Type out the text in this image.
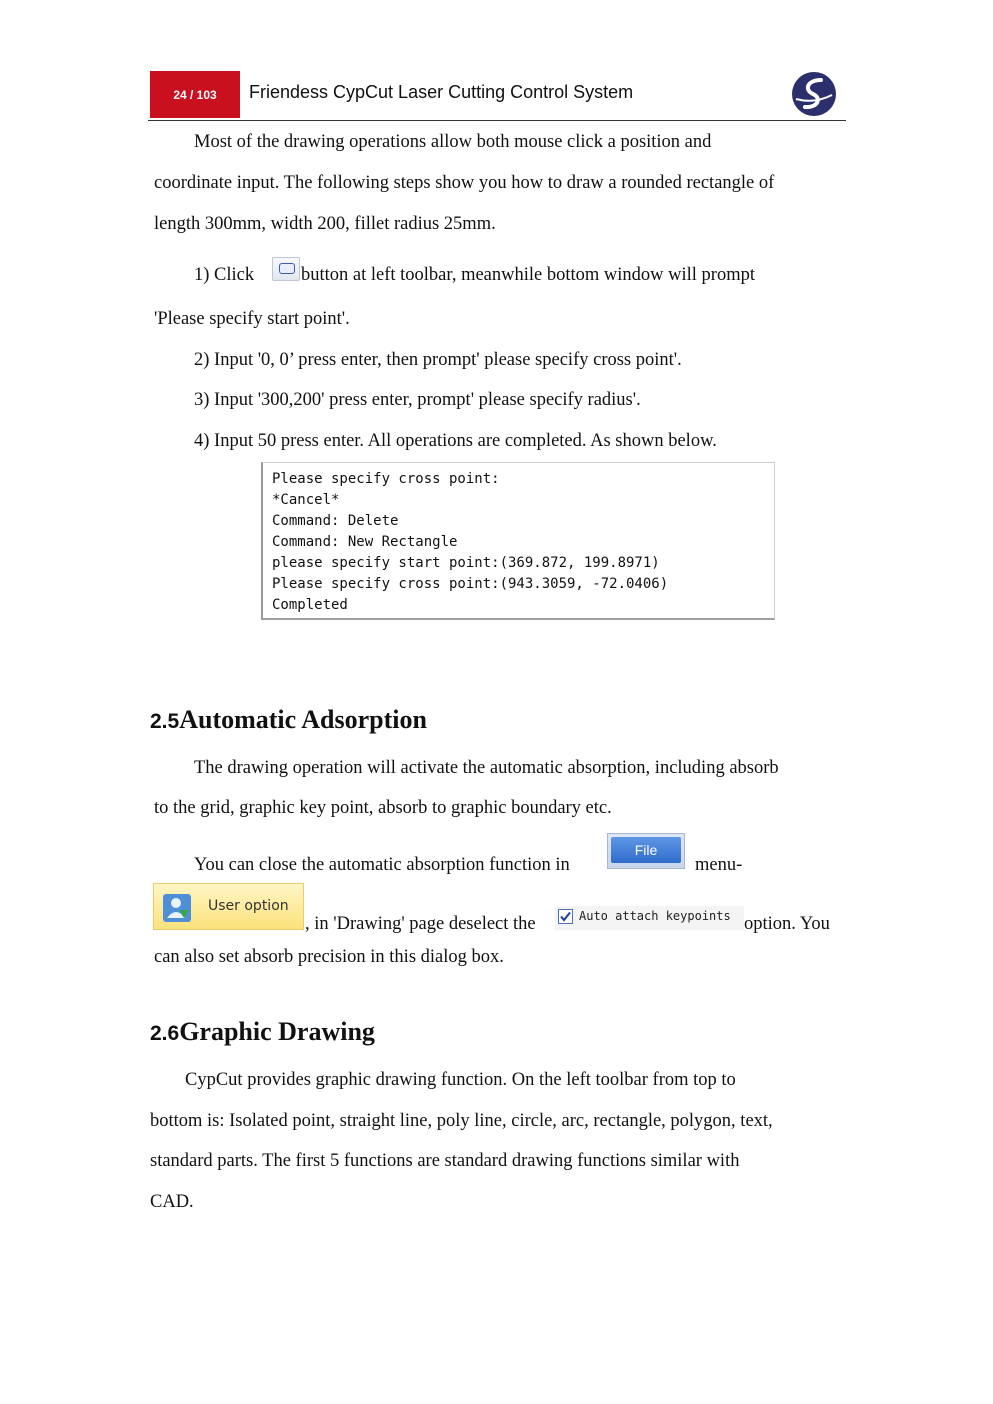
24 / 103	Friendess CypCut Laser Cutting Control System
Most of the drawing operations allow both mouse click a position and
coordinate input. The following steps show you how to draw a rounded rectangle of
length 300mm, width 200, fillet radius 25mm.
1) Click	button at left toolbar, meanwhile bottom window will prompt
'Please specify start point'.
2) Input '0, 0’ press enter, then prompt' please specify cross point'.
3) Input '300,200' press enter, prompt' please specify radius'.
4) Input 50 press enter. All operations are completed. As shown below.
Please specify cross point:
*Cancel*
Command: Delete
Command: New Rectangle
please specify start point:(369.872, 199.8971)
Please specify cross point:(943.3059, -72.0406)
Completed
2.5Automatic Adsorption
The drawing operation will activate the automatic absorption, including absorb
to the grid, graphic key point, absorb to graphic boundary etc.
You can close the automatic absorption function in
File
menu-
User option
, in 'Drawing' page deselect the	Auto attach keypoints option. You
can also set absorb precision in this dialog box.
2.6Graphic Drawing
CypCut provides graphic drawing function. On the left toolbar from top to
bottom is: Isolated point, straight line, poly line, circle, arc, rectangle, polygon, text,
standard parts. The first 5 functions are standard drawing functions similar with
CAD.
